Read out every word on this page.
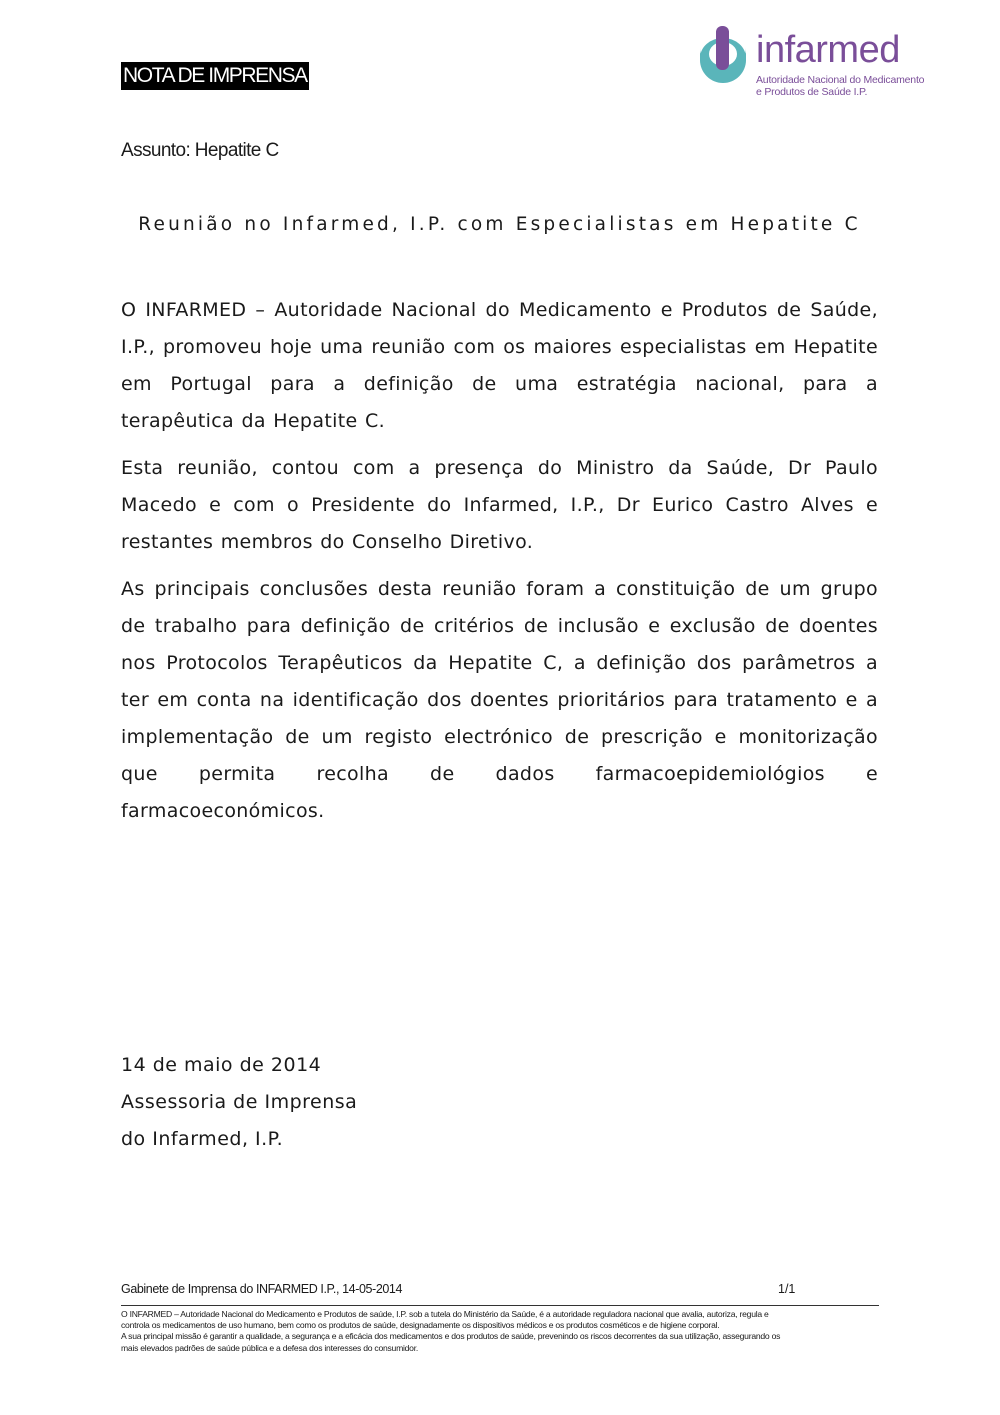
NOTA DE IMPRENSA
infarmed
Autoridade Nacional do Medicamento
e Produtos de Saúde I.P.
Assunto: Hepatite C
Reunião no Infarmed, I.P. com Especialistas em Hepatite C

O INFARMED – Autoridade Nacional do Medicamento e Produtos de Saúde, I.P., promoveu hoje uma reunião com os maiores especialistas em Hepatite em Portugal para a definição de uma estratégia nacional, para a terapêutica da Hepatite C.

Esta reunião, contou com a presença do Ministro da Saúde, Dr Paulo Macedo e com o Presidente do Infarmed, I.P., Dr Eurico Castro Alves e restantes membros do Conselho Diretivo.

As principais conclusões desta reunião foram a constituição de um grupo de trabalho para definição de critérios de inclusão e exclusão de doentes nos Protocolos Terapêuticos da Hepatite C, a definição dos parâmetros a ter em conta na identificação dos doentes prioritários para tratamento e a implementação de um registo electrónico de prescrição e monitorização que permita recolha de dados farmacoepidemiológios e farmacoeconómicos.

14 de maio de 2014
Assessoria de Imprensa
do Infarmed, I.P.
Gabinete de Imprensa do INFARMED I.P., 14-05-2014	1/1
O INFARMED – Autoridade Nacional do Medicamento e Produtos de saúde, I.P. sob a tutela do Ministério da Saúde, é a autoridade reguladora nacional que avalia, autoriza, regula e
controla os medicamentos de uso humano, bem como os produtos de saúde, designadamente os dispositivos médicos e os produtos cosméticos e de higiene corporal.
A sua principal missão é garantir a qualidade, a segurança e a eficácia dos medicamentos e dos produtos de saúde, prevenindo os riscos decorrentes da sua utilização, assegurando os
mais elevados padrões de saúde pública e a defesa dos interesses do consumidor.
